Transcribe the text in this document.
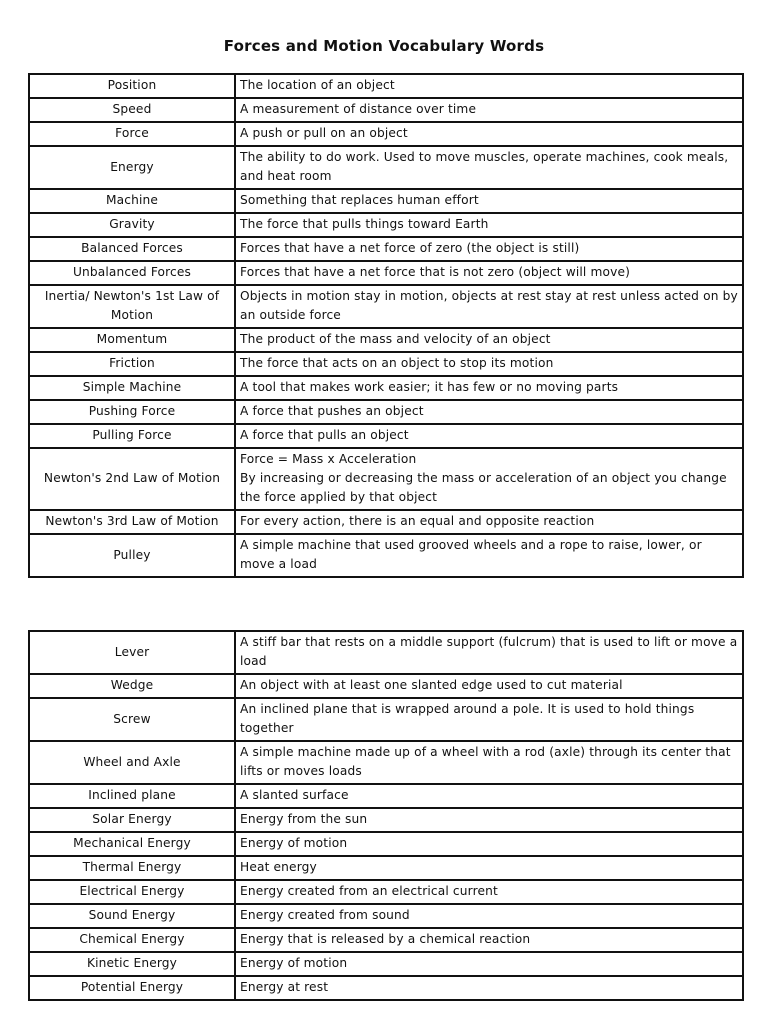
Forces and Motion Vocabulary Words
Position	The location of an object
Speed	A measurement of distance over time
Force	A push or pull on an object
Energy	The ability to do work. Used to move muscles, operate machines, cook meals, and heat room
Machine	Something that replaces human effort
Gravity	The force that pulls things toward Earth
Balanced Forces	Forces that have a net force of zero (the object is still)
Unbalanced Forces	Forces that have a net force that is not zero (object will move)
Inertia/ Newton's 1st Law of Motion	Objects in motion stay in motion, objects at rest stay at rest unless acted on by an outside force
Momentum	The product of the mass and velocity of an object
Friction	The force that acts on an object to stop its motion
Simple Machine	A tool that makes work easier; it has few or no moving parts
Pushing Force	A force that pushes an object
Pulling Force	A force that pulls an object
Newton's 2nd Law of Motion	Force = Mass x Acceleration
By increasing or decreasing the mass or acceleration of an object you change the force applied by that object

Newton's 3rd Law of Motion	For every action, there is an equal and opposite reaction
Pulley	A simple machine that used grooved wheels and a rope to raise, lower, or move a load
Lever	A stiff bar that rests on a middle support (fulcrum) that is used to lift or move a load
Wedge	An object with at least one slanted edge used to cut material
Screw	An inclined plane that is wrapped around a pole. It is used to hold things together
Wheel and Axle	A simple machine made up of a wheel with a rod (axle) through its center that lifts or moves loads
Inclined plane	A slanted surface
Solar Energy	Energy from the sun
Mechanical Energy	Energy of motion
Thermal Energy	Heat energy
Electrical Energy	Energy created from an electrical current
Sound Energy	Energy created from sound
Chemical Energy	Energy that is released by a chemical reaction
Kinetic Energy	Energy of motion
Potential Energy	Energy at rest
